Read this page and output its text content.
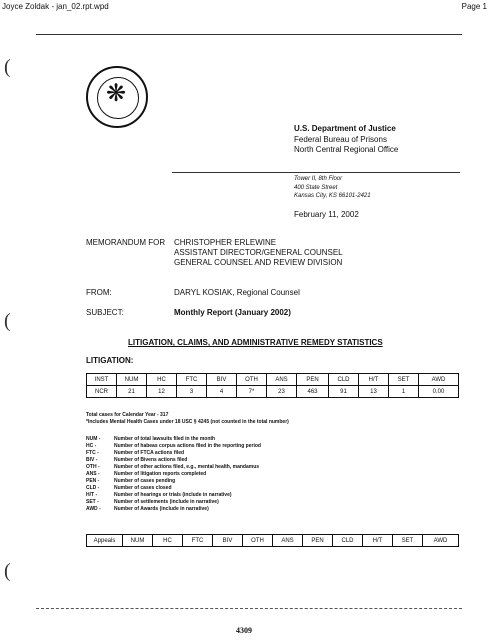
Joyce Zoldak - jan_02.rpt.wpd	Page 1
(
(
(
❋
U.S. Department of Justice
Federal Bureau of Prisons
North Central Regional Office
Tower II, 8th Floor
400 State Street
Kansas City, KS 66101-2421
February 11, 2002
MEMORANDUM FOR CHRISTOPHER ERLEWINE
ASSISTANT DIRECTOR/GENERAL COUNSEL
GENERAL COUNSEL AND REVIEW DIVISION
FROM:	DARYL KOSIAK, Regional Counsel
SUBJECT:	Monthly Report (January 2002)
LITIGATION, CLAIMS, AND ADMINISTRATIVE REMEDY STATISTICS
LITIGATION:
INST	NUM	HC	FTC	BIV	OTH	ANS	PEN	CLD	H/T	SET	AWD
NCR	21	12	3	4	7*	23	463	91	13	1	0.00
Total cases for Calendar Year - 317
*Includes Mental Health Cases under 18 USC § 4245 (not counted in the total number)
NUM -	Number of total lawsuits filed in the month
HC -	Number of habeas corpus actions filed in the reporting period
FTC -	Number of FTCA actions filed
BIV -	Number of Bivens actions filed
OTH -	Number of other actions filed, e.g., mental health, mandamus
ANS -	Number of litigation reports completed
PEN -	Number of cases pending
CLD -	Number of cases closed
H/T -	Number of hearings or trials (include in narrative)
SET -	Number of settlements (include in narrative)
AWD -	Number of Awards (include in narrative)
Appeals	NUM	HC	FTC	BIV	OTH	ANS	PEN	CLD	H/T	SET	AWD
4309
